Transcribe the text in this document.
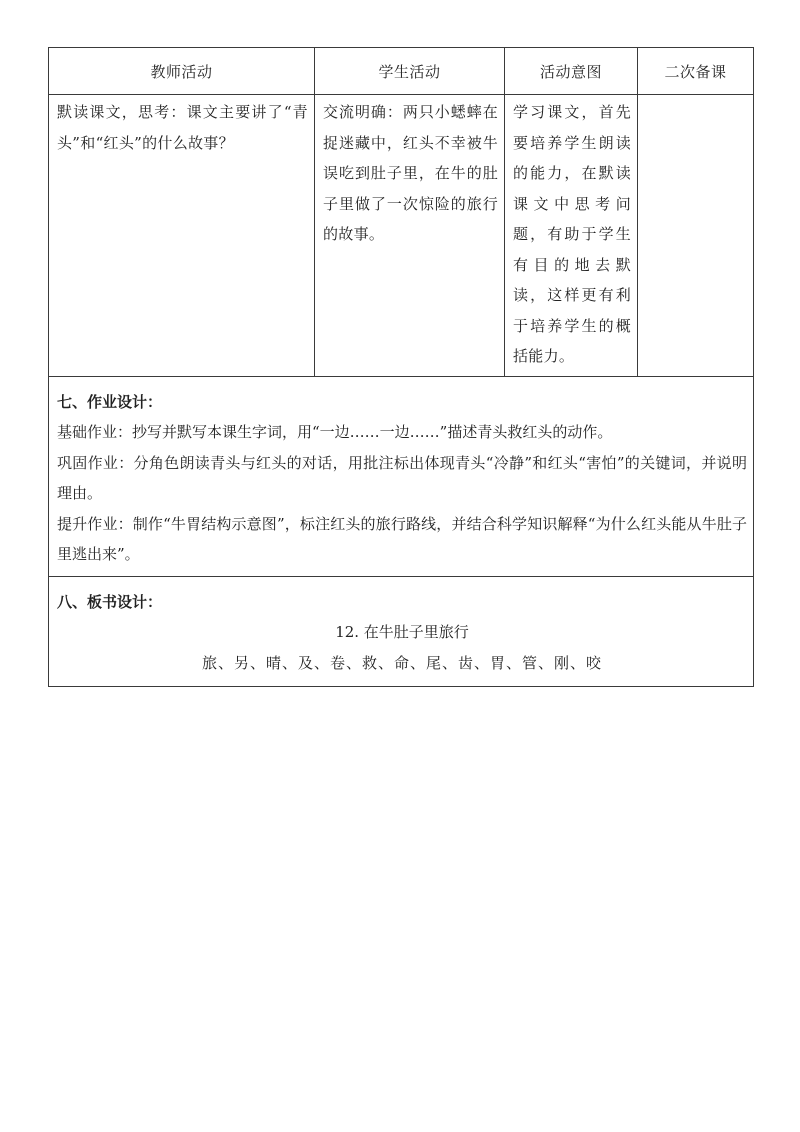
教师活动	学生活动	活动意图	二次备课

默读课文，思考：课文主要讲了“青头”和“红头”的什么故事？	交流明确：两只小蟋蟀在捉迷藏中，红头不幸被牛误吃到肚子里，在牛的肚子里做了一次惊险的旅行的故事。	学习课文，首先要培养学生朗读的能力，在默读课文中思考问题，有助于学生有目的地去默读，这样更有利于培养学生的概括能力。	

七、作业设计：
基础作业：抄写并默写本课生字词，用“一边……一边……”描述青头救红头的动作。
巩固作业：分角色朗读青头与红头的对话，用批注标出体现青头“冷静”和红头“害怕”的关键词，并说明理由。
提升作业：制作“牛胃结构示意图”，标注红头的旅行路线，并结合科学知识解释“为什么红头能从牛肚子里逃出来”。			

八、板书设计：
12. 在牛肚子里旅行
旅、另、晴、及、卷、救、命、尾、齿、胃、管、刚、咬			
